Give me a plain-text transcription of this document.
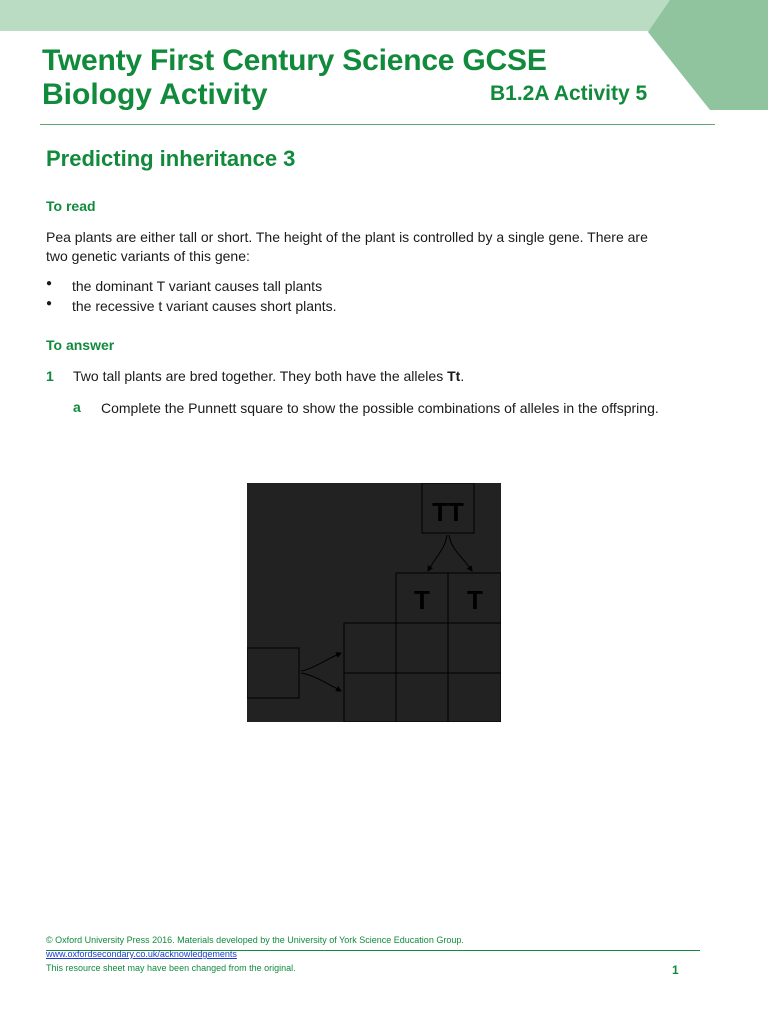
Twenty First Century Science GCSE
Biology Activity	B1.2A Activity 5
Predicting inheritance 3
To read
Pea plants are either tall or short. The height of the plant is controlled by a single gene. There are two genetic variants of this gene:
● the dominant T variant causes tall plants
● the recessive t variant causes short plants.
To answer
1 Two tall plants are bred together. They both have the alleles Tt.
a Complete the Punnett square to show the possible combinations of alleles in the offspring.
TT
T T
© Oxford University Press 2016. Materials developed by the University of York Science Education Group.
www.oxfordsecondary.co.uk/acknowledgements
This resource sheet may have been changed from the original.	1
